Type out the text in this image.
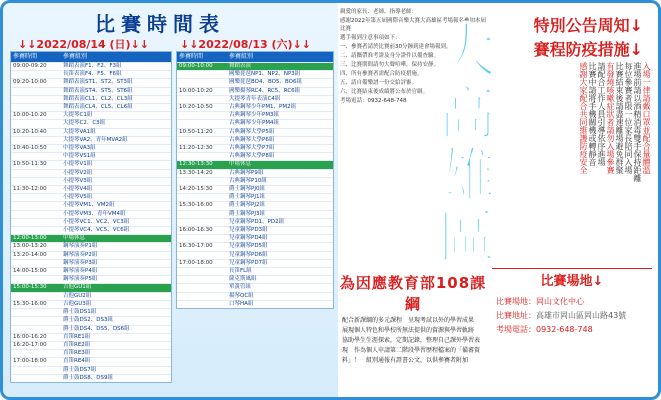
比賽時間表
↓↓2022/08/14 (日)↓↓	↓↓2022/08/13 (六)↓↓
參賽時間	參賽組別
09:00-09:20	舞蹈表演F1、F2、F3組
長笛表演F4、F5、F6組
09:20-10:00	舞蹈表演ST1、ST2、ST3組
舞蹈表演ST4、ST5、ST6組
舞蹈表演CL1、CL2、CL3組
舞蹈表演CL4、CL5、CL6組
10:00-10:20	大提琴C1組
大提琴C2、C3組
10:20-10:40	大提琴VA1組
大提琴VA2、青年MVA2組
10:40-10:50	中提琴VA3組
中提琴VS1組
10:50-11:30	小提琴V1組
小提琴V2組
小提琴V3組
11:30-12:00	小提琴V4組
小提琴V5組
小提琴VM1、VM2組
小提琴VM3、青年VM4組
小提琴VC1、VC2、VC3組
小提琴VC4、VC5、VC6組
12:00-13:00	中場休息
13:00-13:20	鋼琴演奏P1組
13:20-14:00	鋼琴演奏P2組
鋼琴演奏P3組
14:00-15:00	鋼琴演奏P4組
鋼琴演奏P5組
15:00-15:30	吉他GU1組
吉他GU2組
15:30-16:00	吉他GU3組
爵士鼓DS1組
爵士鼓DS2、DS3組
爵士鼓DS4、DS5、DS6組
16:00-16:20	直笛RE1組
16:20-17:00	直笛RE2組
直笛RE3組
17:00-18:00	直笛RE4組
爵士鼓DS7組
爵士鼓DS8、DS9組
參賽時間	參賽組別
09:00-10:00	舞蹈表演
國樂琵琶NP1、NP2、NP3組
國樂琵琶BO4、BO5、BO6組
10:00-10:20	國樂揚琴RC4、RC5、RC6組
大提琴青年表演C4組
10:20-10:50	古典鋼琴少年PM1、PM2組
古典鋼琴少年PM3組
古典鋼琴少年PM4組
10:50-11:20	古典鋼琴大學P5組
古典鋼琴大學P6組
11:20-12:30	古典鋼琴大學P7組
古典鋼琴大學P8組
12:30-13:30	中場休息
13:30-14:20	古典鋼琴P9組
古典鋼琴P10組
14:20-15:30	爵士鋼琴PJ0組
爵士鋼琴PJ1組
15:30-16:00	爵士鋼琴PJ2組
爵士鋼琴PJ3組
兒童鋼琴PD1、PD2組
16:00-16:30	兒童鋼琴PD3組
兒童鋼琴PD4組
16:30-17:00	兒童鋼琴PD5組
兒童鋼琴PD6組
17:00-18:00	兒童鋼琴PD7組
長笛FL組
薩克斯風組
單簧管組
揚琴OC組
口琴HA組

親愛的家長、老師、指導老師：

感謝2022年第五屆國際音樂大賽大高雄區考場報名參加本屆比賽

選手報到注意事項如下：

一、參賽者請於比賽前30分鐘到達會場報到。

二、請攜帶准考證及身分證件以備查驗。

三、比賽期間請勿大聲喧嘩，保持安靜。

四、所有參賽者需配合防疫措施。

五、請自備樂譜一份交給評審。

六、比賽結束後成績將公布於官網。

考場電話：0932-648-748 大高雄區	特別公告周知↓
賽程防疫措施↓
入場一律請戴口罩並配合量體溫
進場前請以酒精消毒雙手保持距離
每位參賽者限一位家長陪同入場
比賽結束後請盡速離場避免群聚
有發燒咳嗽症狀者請勿入場參賽
請配合工作人員引導依序進場
比賽中請將手機關機或轉靜音
感謝大家配合共同維護防疫安全
為因應教育部108課綱
配合新課綱的多元課程　呈現考試以外的學習成果　展現個人特色和學校所無法提供的資源與學習軌跡　協助學生生涯探索，定期記錄，整理自己課外學習表現　作為個人申請第二階段學習歷程檔案的「備審資料」！　組別通報有證書公文，以供參賽者附加
比賽場地↓
比賽場地：岡山文化中心
比賽地址：高雄市岡山區岡山路43號
考場電話：0932-648-748
